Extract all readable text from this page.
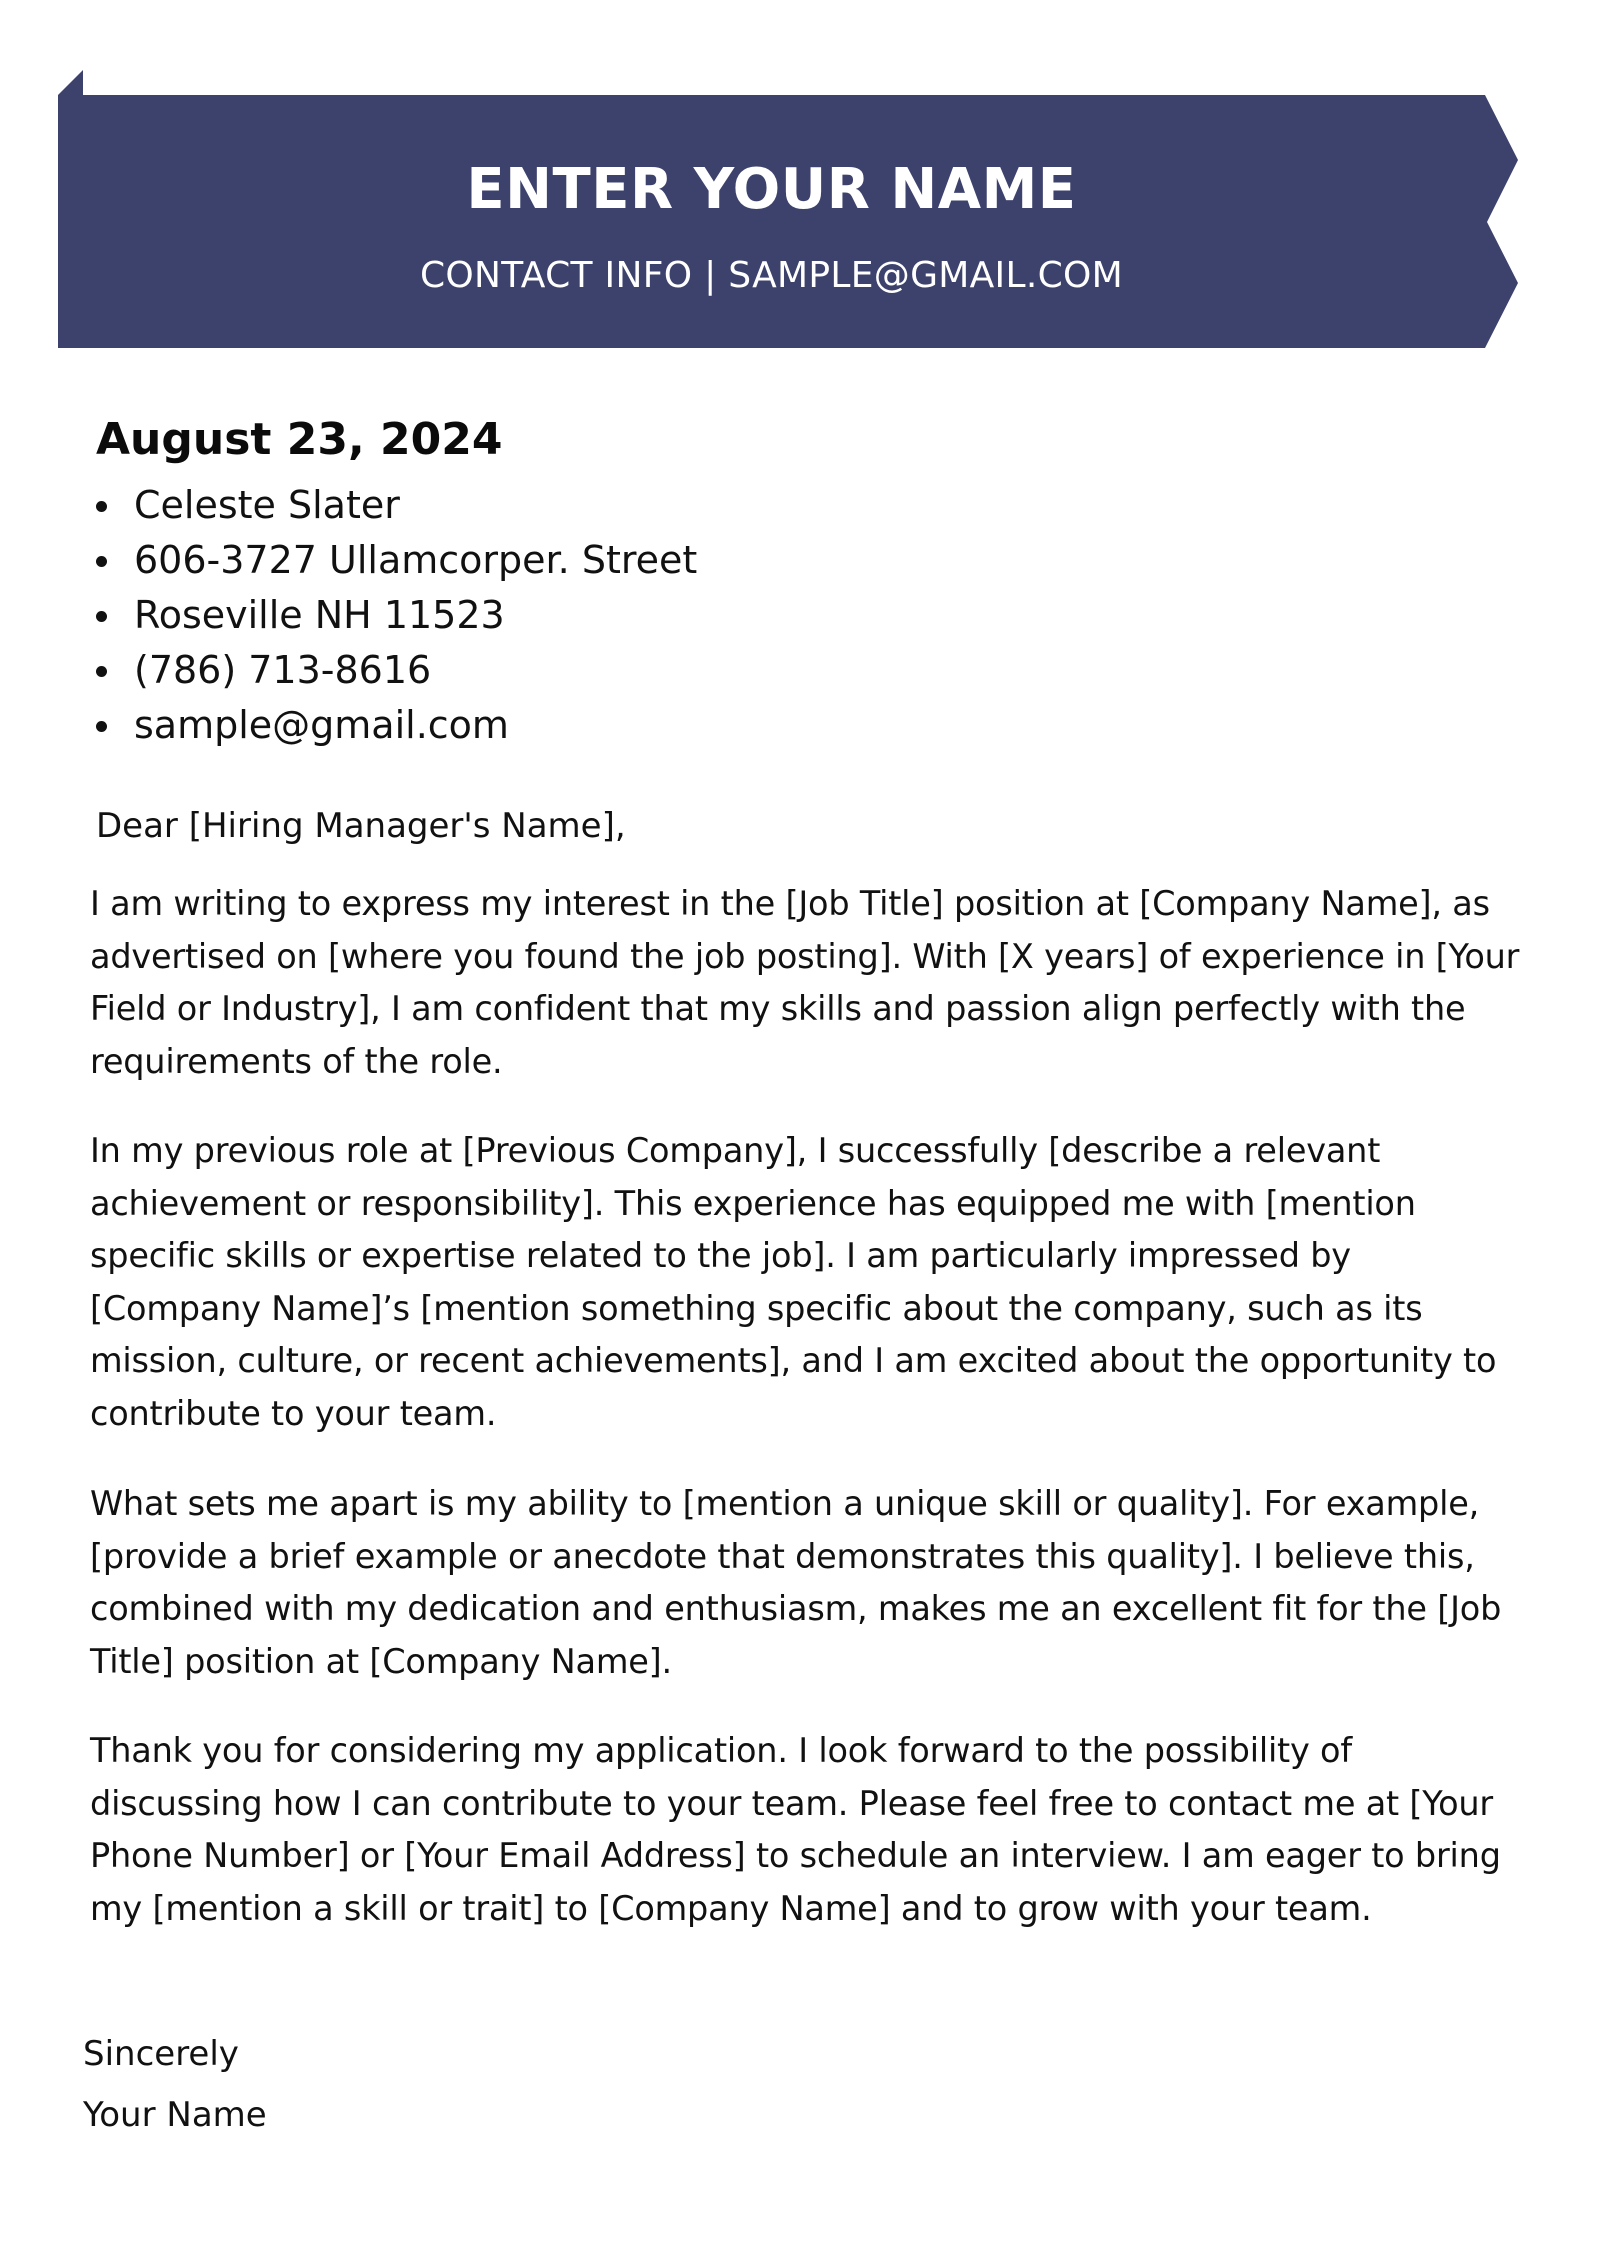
ENTER YOUR NAME
CONTACT INFO | SAMPLE@GMAIL.COM
August 23, 2024
Celeste Slater
606-3727 Ullamcorper. Street
Roseville NH 11523
(786) 713-8616
sample@gmail.com
Dear [Hiring Manager's Name],

I am writing to express my interest in the [Job Title] position at [Company Name], as advertised on [where you found the job posting]. With [X years] of experience in [Your Field or Industry], I am confident that my skills and passion align perfectly with the requirements of the role.

In my previous role at [Previous Company], I successfully [describe a relevant achievement or responsibility]. This experience has equipped me with [mention specific skills or expertise related to the job]. I am particularly impressed by [Company Name]’s [mention something specific about the company, such as its mission, culture, or recent achievements], and I am excited about the opportunity to contribute to your team.

What sets me apart is my ability to [mention a unique skill or quality]. For example, [provide a brief example or anecdote that demonstrates this quality]. I believe this, combined with my dedication and enthusiasm, makes me an excellent fit for the [Job Title] position at [Company Name].

Thank you for considering my application. I look forward to the possibility of discussing how I can contribute to your team. Please feel free to contact me at [Your Phone Number] or [Your Email Address] to schedule an interview. I am eager to bring my [mention a skill or trait] to [Company Name] and to grow with your team.

Sincerely
Your Name
